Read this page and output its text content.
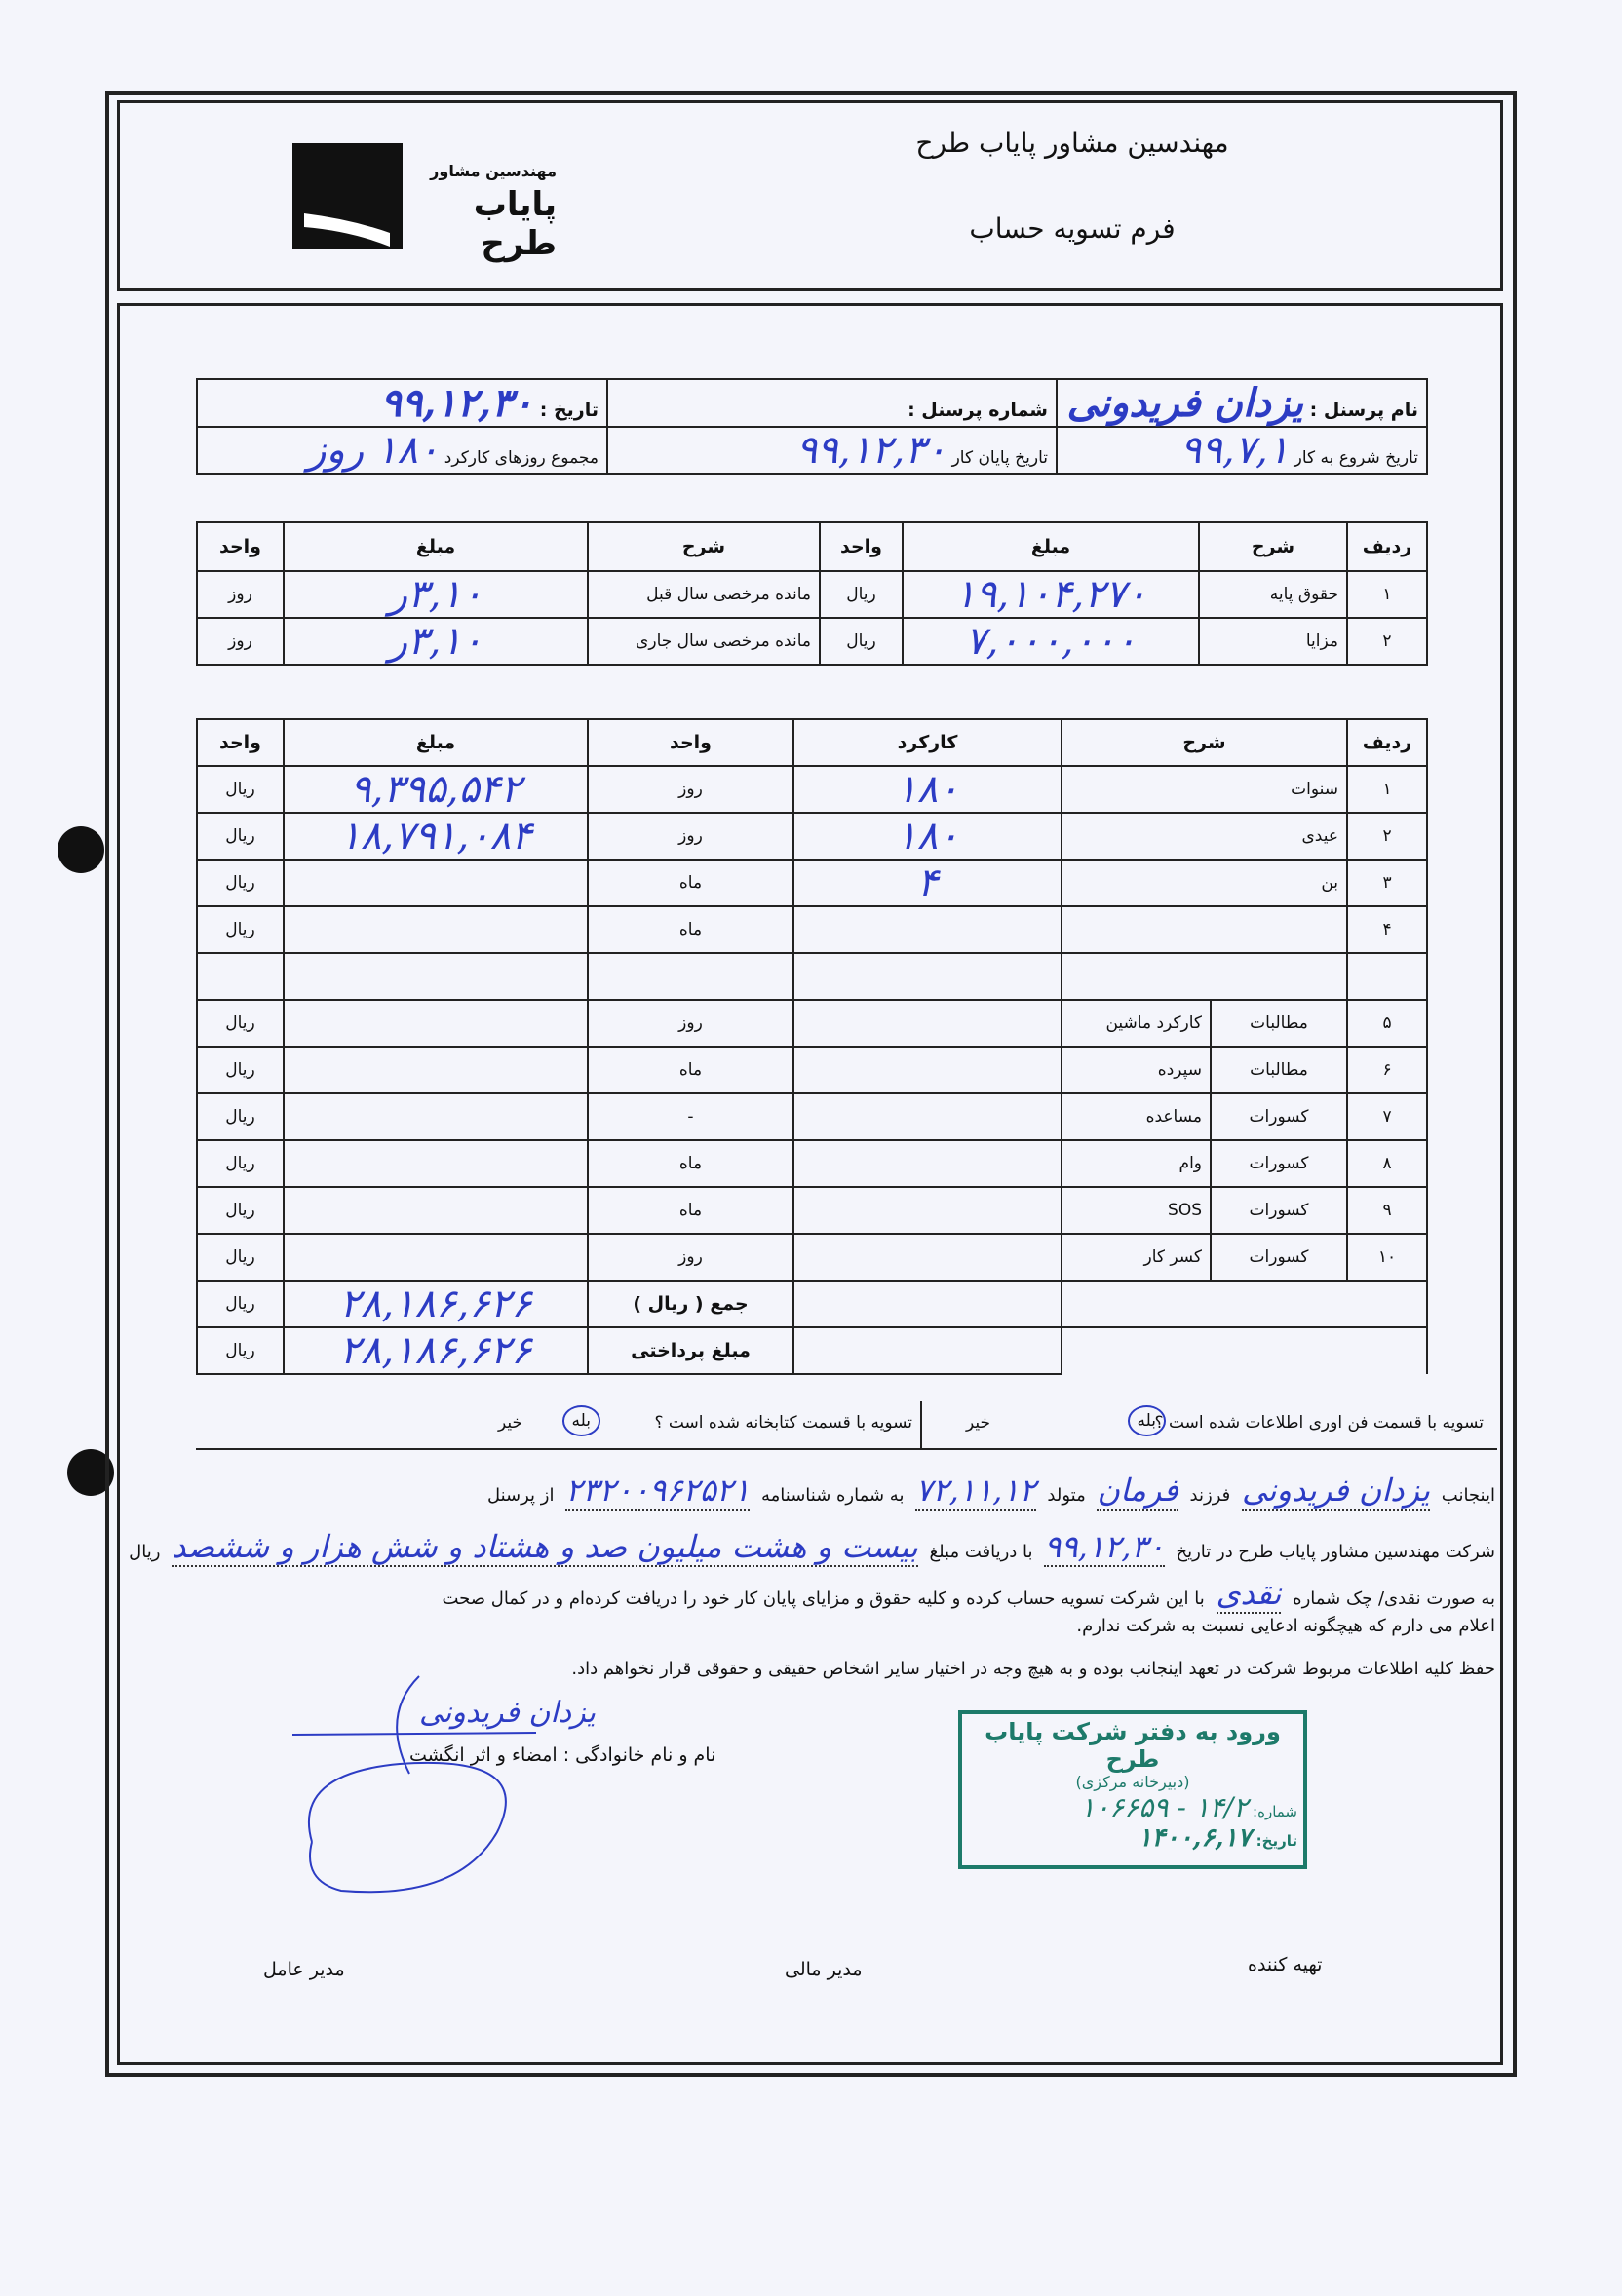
مهندسین مشاور
پایاب طرح
مهندسین مشاور پایاب طرح
فرم تسویه حساب
نام پرسنل : یزدان فریدونی	شماره پرسنل :	تاریخ : ۹۹,۱۲,۳۰
تاریخ شروع به کار ۹۹,۷,۱	تاریخ پایان کار ۹۹,۱۲,۳۰	مجموع روزهای کارکرد ۱۸۰ روز
ردیف	شرح	مبلغ	واحد	شرح	مبلغ	واحد
۱	حقوق پایه	۱۹,۱۰۴,۲۷۰	ریال	مانده مرخصی سال قبل	۳,۱۰ر	روز
۲	مزایا	۷,۰۰۰,۰۰۰	ریال	مانده مرخصی سال جاری	۳,۱۰ر	روز
ردیف	شرح		کارکرد	واحد	مبلغ	واحد
۱	سنوات		۱۸۰	روز	۹,۳۹۵,۵۴۲	ریال
۲	عیدی		۱۸۰	روز	۱۸,۷۹۱,۰۸۴	ریال
۳	بن		۴	ماه		ریال
۴				ماه		ریال

۵	مطالبات	کارکرد ماشین		روز		ریال
۶	مطالبات	سپرده		ماه		ریال
۷	کسورات	مساعده		-		ریال
۸	کسورات	وام		ماه		ریال
۹	کسورات	SOS		ماه		ریال
۱۰	کسورات	کسر کار		روز		ریال
				جمع ( ریال )	۲۸,۱۸۶,۶۲۶	ریال
				مبلغ پرداختی	۲۸,۱۸۶,۶۲۶	ریال
تسویه با قسمت فن اوری اطلاعات شده است ؟
بله
خیر
تسویه با قسمت کتابخانه شده است ؟
بله
خیر
اینجانب یزدان فریدونی فرزند فرمان متولد ۷۲,۱۱,۱۲ به شماره شناسنامه ۲۳۲۰۰۹۶۲۵۲۱ از پرسنل
شرکت مهندسین مشاور پایاب طرح در تاریخ ۹۹,۱۲,۳۰ با دریافت مبلغ بیست و هشت میلیون صد و هشتاد و شش هزار و ششصد ریال
به صورت نقدی/ چک شماره نقدی با این شرکت تسویه حساب کرده و کلیه حقوق و مزایای پایان کار خود را دریافت کرده‌ام و در کمال صحت
اعلام می دارم که هیچگونه ادعایی نسبت به شرکت ندارم.
حفظ کلیه اطلاعات مربوط شرکت در تعهد اینجانب بوده و به هیچ وجه در اختیار سایر اشخاص حقیقی و حقوقی قرار نخواهم داد.
یزدان فریدونی
نام و نام خانوادگی : امضاء و اثر انگشت
ورود به دفتر شرکت پایاب طرح
(دبیرخانه مرکزی)
شماره: ۱۴/۲ - ۱۰۶۶۵۹
تاریخ: ۱۴۰۰,۶,۱۷
تهیه کننده
مدیر مالی
مدیر عامل
